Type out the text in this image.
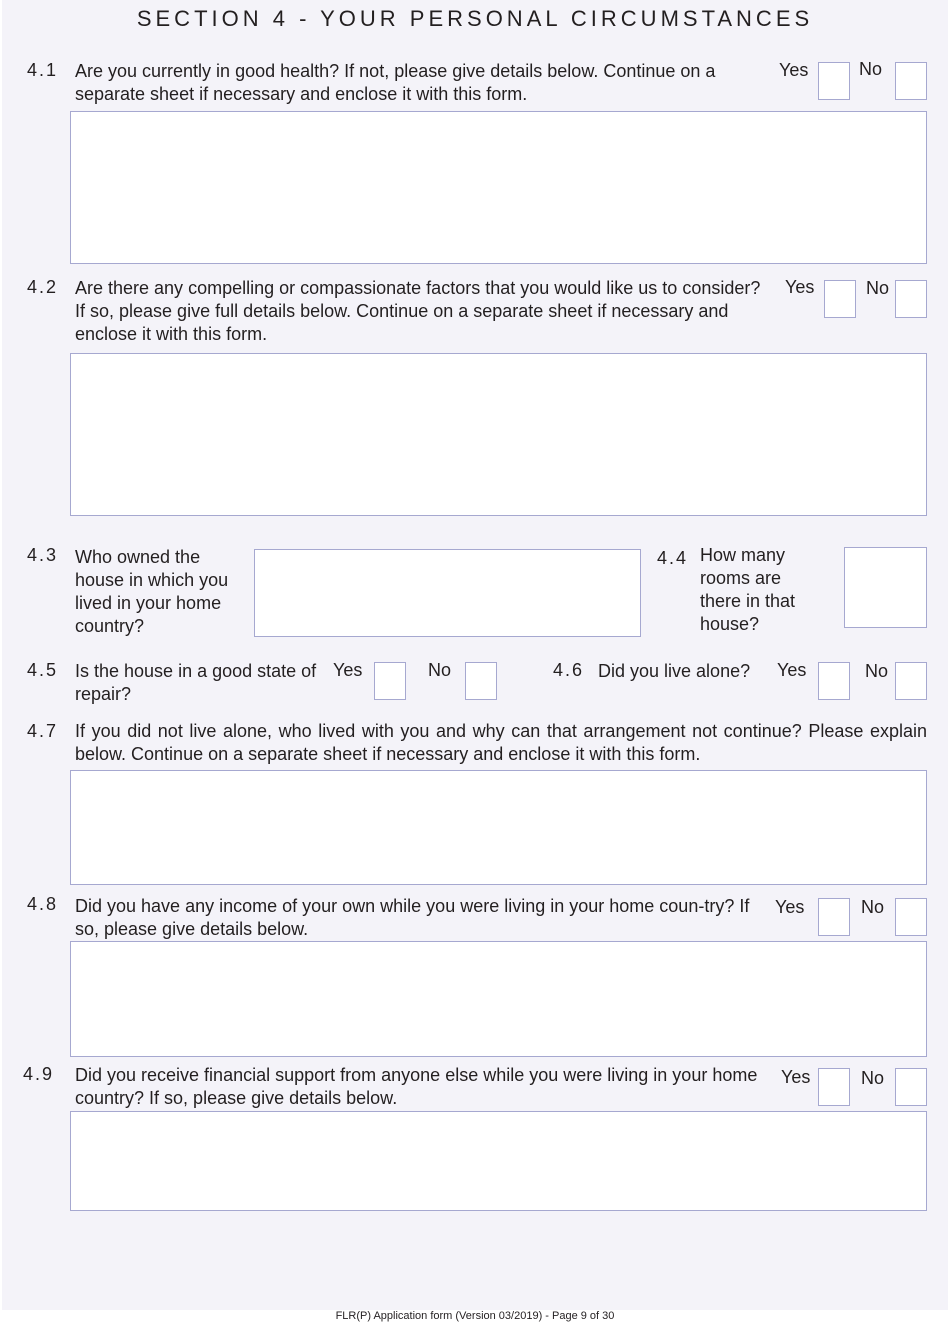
SECTION 4 - YOUR PERSONAL CIRCUMSTANCES
4.1 Are you currently in good health? If not, please give details below. Continue on a separate sheet if necessary and enclose it with this form.
Yes	No
4.2 Are there any compelling or compassionate factors that you would like us to consider? If so, please give full details below. Continue on a separate sheet if necessary and enclose it with this form.
Yes	No
4.3 Who owned the house in which you lived in your home country?
4.4 How many rooms are there in that house?
4.5 Is the house in a good state of repair?
Yes	No	4.6 Did you live alone?	Yes	No
4.7 If you did not live alone, who lived with you and why can that arrangement not continue? Please explain below. Continue on a separate sheet if necessary and enclose it with this form.
4.8 Did you have any income of your own while you were living in your home coun-try? If so, please give details below.
Yes	No
4.9 Did you receive financial support from anyone else while you were living in your home country? If so, please give details below.
Yes	No
FLR(P) Application form (Version 03/2019) - Page 9 of 30
